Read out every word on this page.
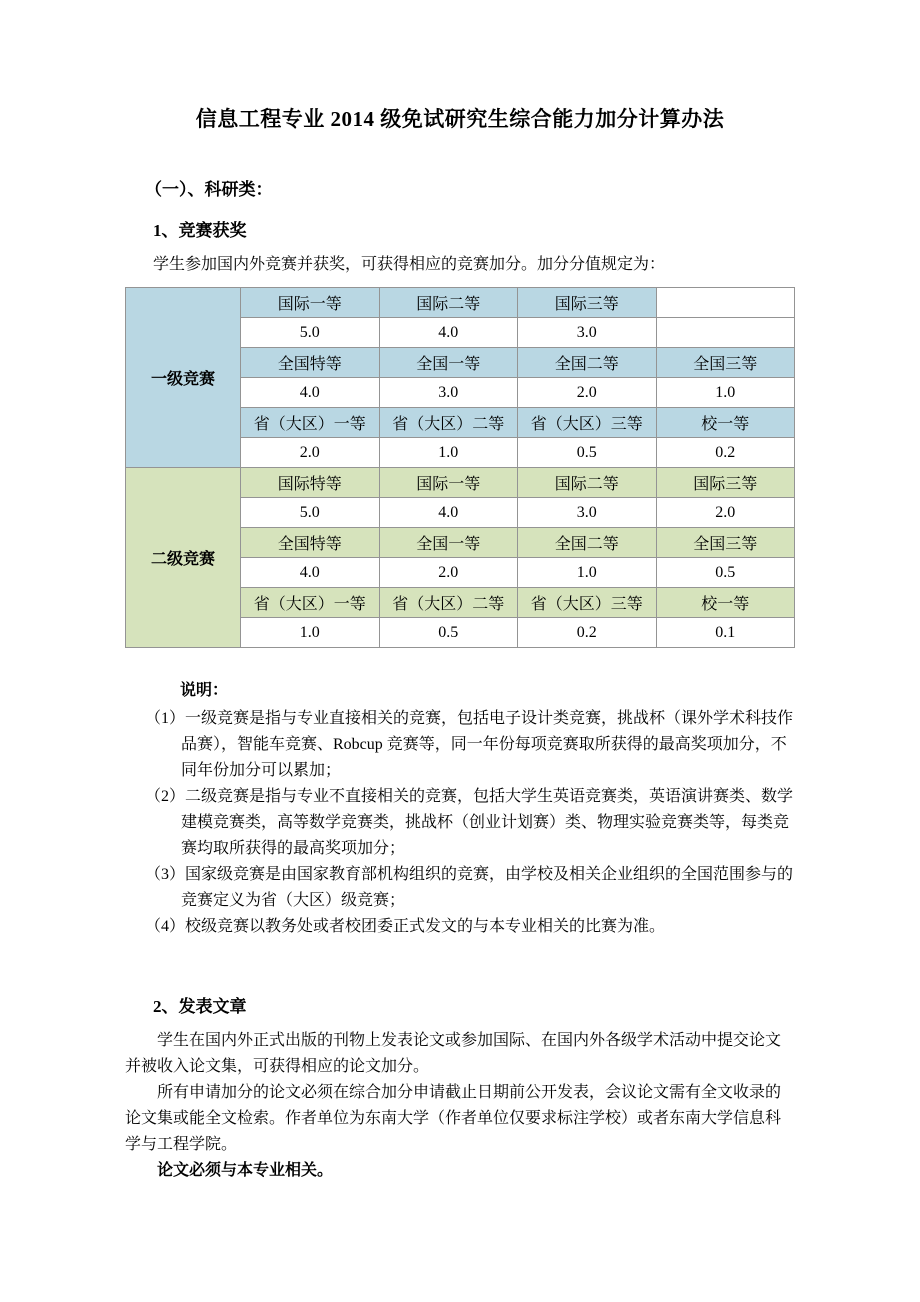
信息工程专业 2014 级免试研究生综合能力加分计算办法
（一）、科研类：
1、竞赛获奖

学生参加国内外竞赛并获奖，可获得相应的竞赛加分。加分分值规定为：

一级竞赛	国际一等	国际二等	国际三等	
	5.0	4.0	3.0	
	全国特等	全国一等	全国二等	全国三等
	4.0	3.0	2.0	1.0
	省（大区）一等	省（大区）二等	省（大区）三等	校一等
	2.0	1.0	0.5	0.2
二级竞赛	国际特等	国际一等	国际二等	国际三等
	5.0	4.0	3.0	2.0
	全国特等	全国一等	全国二等	全国三等
	4.0	2.0	1.0	0.5
	省（大区）一等	省（大区）二等	省（大区）三等	校一等
	1.0	0.5	0.2	0.1

说明：

（1）一级竞赛是指与专业直接相关的竞赛，包括电子设计类竞赛，挑战杯（课外学术科技作品赛），智能车竞赛、Robcup 竞赛等，同一年份每项竞赛取所获得的最高奖项加分，不同年份加分可以累加；

（2）二级竞赛是指与专业不直接相关的竞赛，包括大学生英语竞赛类，英语演讲赛类、数学建模竞赛类，高等数学竞赛类，挑战杯（创业计划赛）类、物理实验竞赛类等，每类竞赛均取所获得的最高奖项加分；

（3）国家级竞赛是由国家教育部机构组织的竞赛，由学校及相关企业组织的全国范围参与的竞赛定义为省（大区）级竞赛；

（4）校级竞赛以教务处或者校团委正式发文的与本专业相关的比赛为准。

2、发表文章

学生在国内外正式出版的刊物上发表论文或参加国际、在国内外各级学术活动中提交论文并被收入论文集，可获得相应的论文加分。

所有申请加分的论文必须在综合加分申请截止日期前公开发表，会议论文需有全文收录的论文集或能全文检索。作者单位为东南大学（作者单位仅要求标注学校）或者东南大学信息科学与工程学院。

论文必须与本专业相关。
